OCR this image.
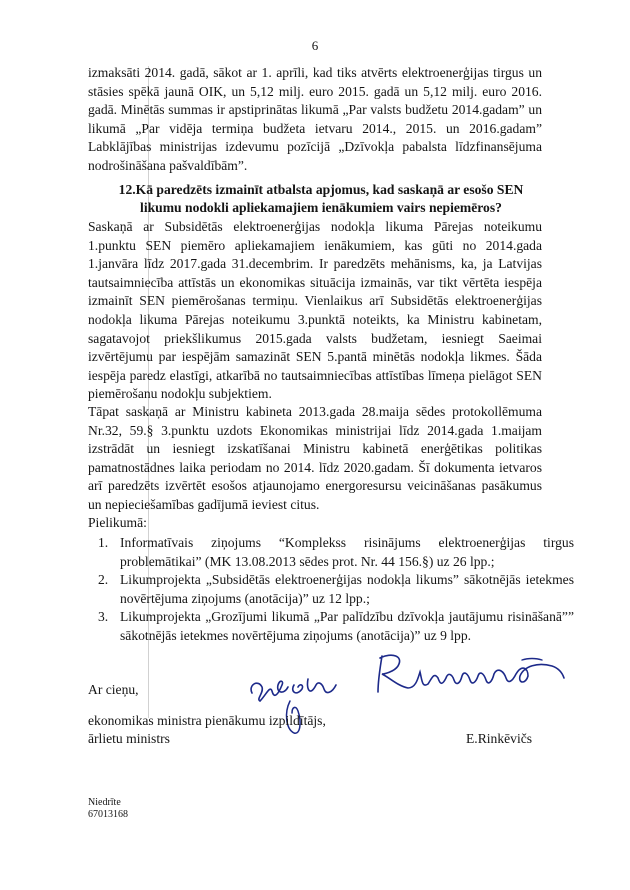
6

izmaksāti 2014. gadā, sākot ar 1. aprīli, kad tiks atvērts elektroenerģijas tirgus un stāsies spēkā jaunā OIK, un 5,12 milj. euro 2015. gadā un 5,12 milj. euro 2016. gadā. Minētās summas ir apstiprinātas likumā „Par valsts budžetu 2014.gadam” un likumā „Par vidēja termiņa budžeta ietvaru 2014., 2015. un 2016.gadam” Labklājības ministrijas izdevumu pozīcijā „Dzīvokļa pabalsta līdzfinansējuma nodrošināšana pašvaldībām”.

12.Kā paredzēts izmainīt atbalsta apjomus, kad saskaņā ar esošo SEN likumu nodokli apliekamajiem ienākumiem vairs nepiemēros?

Saskaņā ar Subsidētās elektroenerģijas nodokļa likuma Pārejas noteikumu 1.punktu SEN piemēro apliekamajiem ienākumiem, kas gūti no 2014.gada 1.janvāra līdz 2017.gada 31.decembrim. Ir paredzēts mehānisms, ka, ja Latvijas tautsaimniecība attīstās un ekonomikas situācija izmainās, var tikt vērtēta iespēja izmainīt SEN piemērošanas termiņu. Vienlaikus arī Subsidētās elektroenerģijas nodokļa likuma Pārejas noteikumu 3.punktā noteikts, ka Ministru kabinetam, sagatavojot priekšlikumus 2015.gada valsts budžetam, iesniegt Saeimai izvērtējumu par iespējām samazināt SEN 5.pantā minētās nodokļa likmes. Šāda iespēja paredz elastīgi, atkarībā no tautsaimniecības attīstības līmeņa pielāgot SEN piemērošanu nodokļu subjektiem.

Tāpat saskaņā ar Ministru kabineta 2013.gada 28.maija sēdes protokollēmuma Nr.32, 59.§ 3.punktu uzdots Ekonomikas ministrijai līdz 2014.gada 1.maijam izstrādāt un iesniegt izskatīšanai Ministru kabinetā enerģētikas politikas pamatnostādnes laika periodam no 2014. līdz 2020.gadam. Šī dokumenta ietvaros arī paredzēts izvērtēt esošos atjaunojamo energoresursu veicināšanas pasākumus un nepieciešamības gadījumā ieviest citus.

Pielikumā:
1. Informatīvais ziņojums “Komplekss risinājums elektroenerģijas tirgus problemātikai” (MK 13.08.2013 sēdes prot. Nr. 44 156.§) uz 26 lpp.;
2. Likumprojekta „Subsidētās elektroenerģijas nodokļa likums” sākotnējās ietekmes novērtējuma ziņojums (anotācija)” uz 12 lpp.;
3. Likumprojekta „Grozījumi likumā „Par palīdzību dzīvokļa jautājumu risināšanā”” sākotnējās ietekmes novērtējuma ziņojums (anotācija)” uz 9 lpp.
Ar cieņu,
ekonomikas ministra pienākumu izpildītājs,
ārlietu ministrs	E.Rinkēvičs
Niedrīte
67013168
